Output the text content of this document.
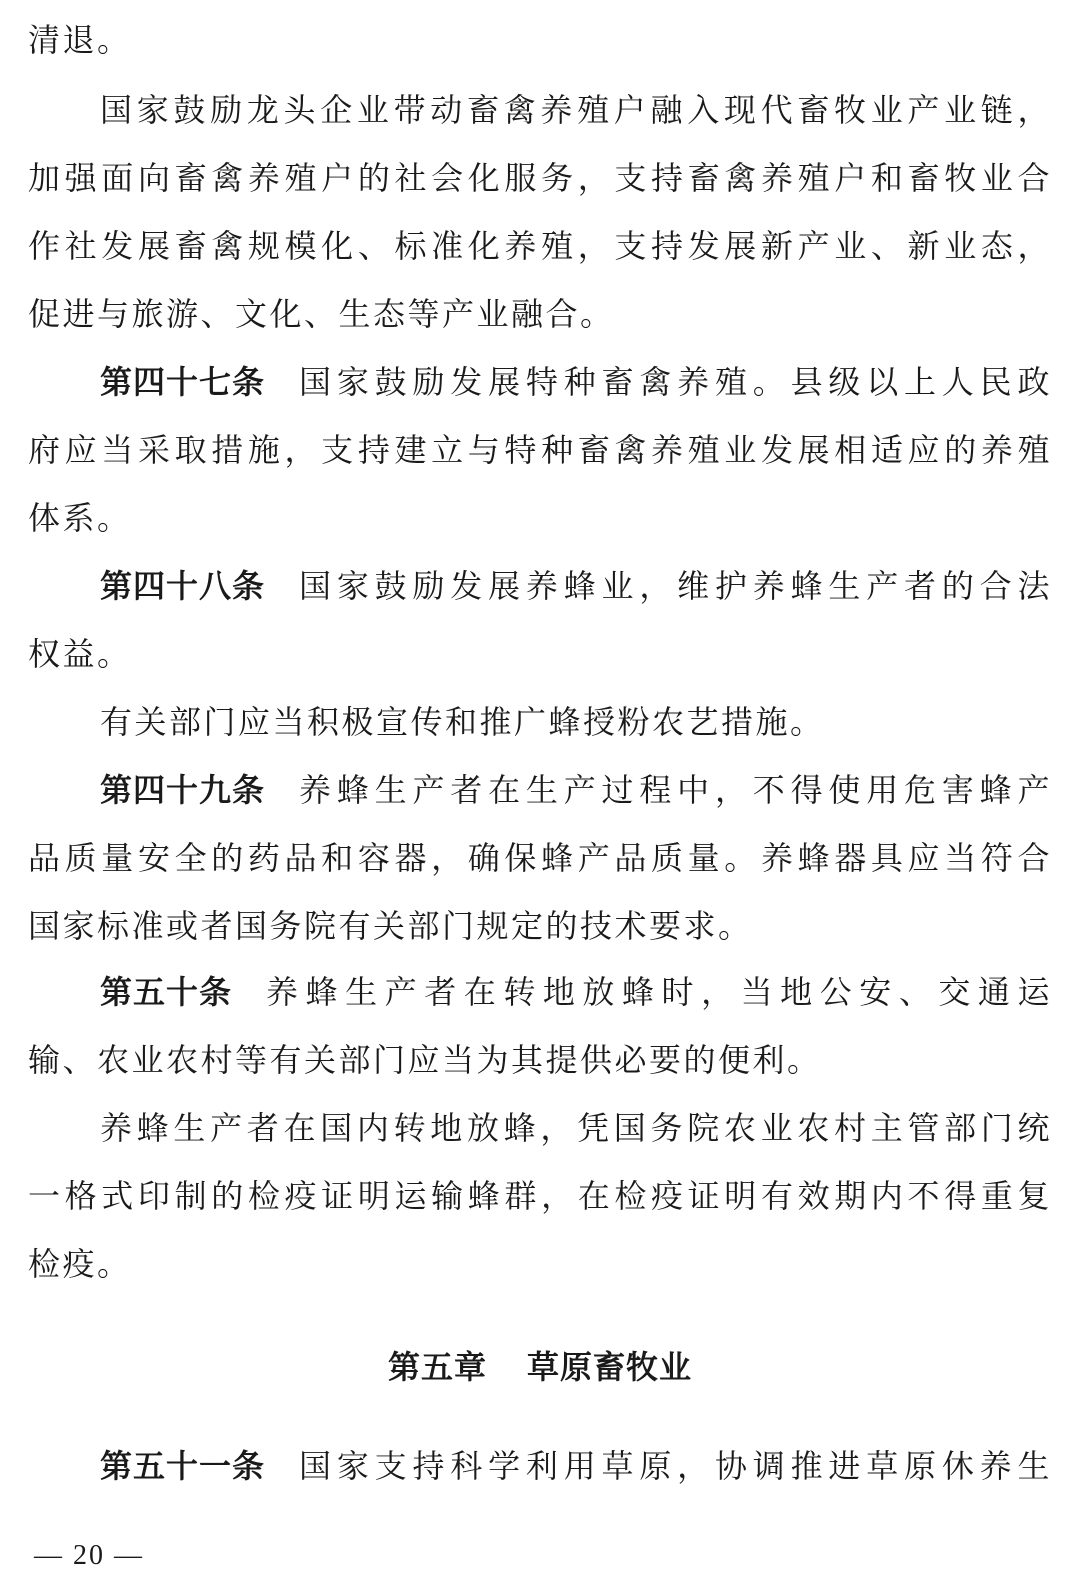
清退。
国家鼓励龙头企业带动畜禽养殖户融入现代畜牧业产业链，
加强面向畜禽养殖户的社会化服务，支持畜禽养殖户和畜牧业合
作社发展畜禽规模化、标准化养殖，支持发展新产业、新业态，
促进与旅游、文化、生态等产业融合。
府应当采取措施，支持建立与特种畜禽养殖业发展相适应的养殖
体系。
权益。
有关部门应当积极宣传和推广蜂授粉农艺措施。
品质量安全的药品和容器，确保蜂产品质量。养蜂器具应当符合
国家标准或者国务院有关部门规定的技术要求。
输、农业农村等有关部门应当为其提供必要的便利。
养蜂生产者在国内转地放蜂，凭国务院农业农村主管部门统
一格式印制的检疫证明运输蜂群，在检疫证明有效期内不得重复
检疫。
第四十七条 国家鼓励发展特种畜禽养殖。县级以上人民政
第四十八条 国家鼓励发展养蜂业，维护养蜂生产者的合法
第四十九条 养蜂生产者在生产过程中，不得使用危害蜂产
第五十条 养蜂生产者在转地放蜂时，当地公安、交通运
第五十一条 国家支持科学利用草原，协调推进草原休养生
第五章 草原畜牧业
— 20 —
